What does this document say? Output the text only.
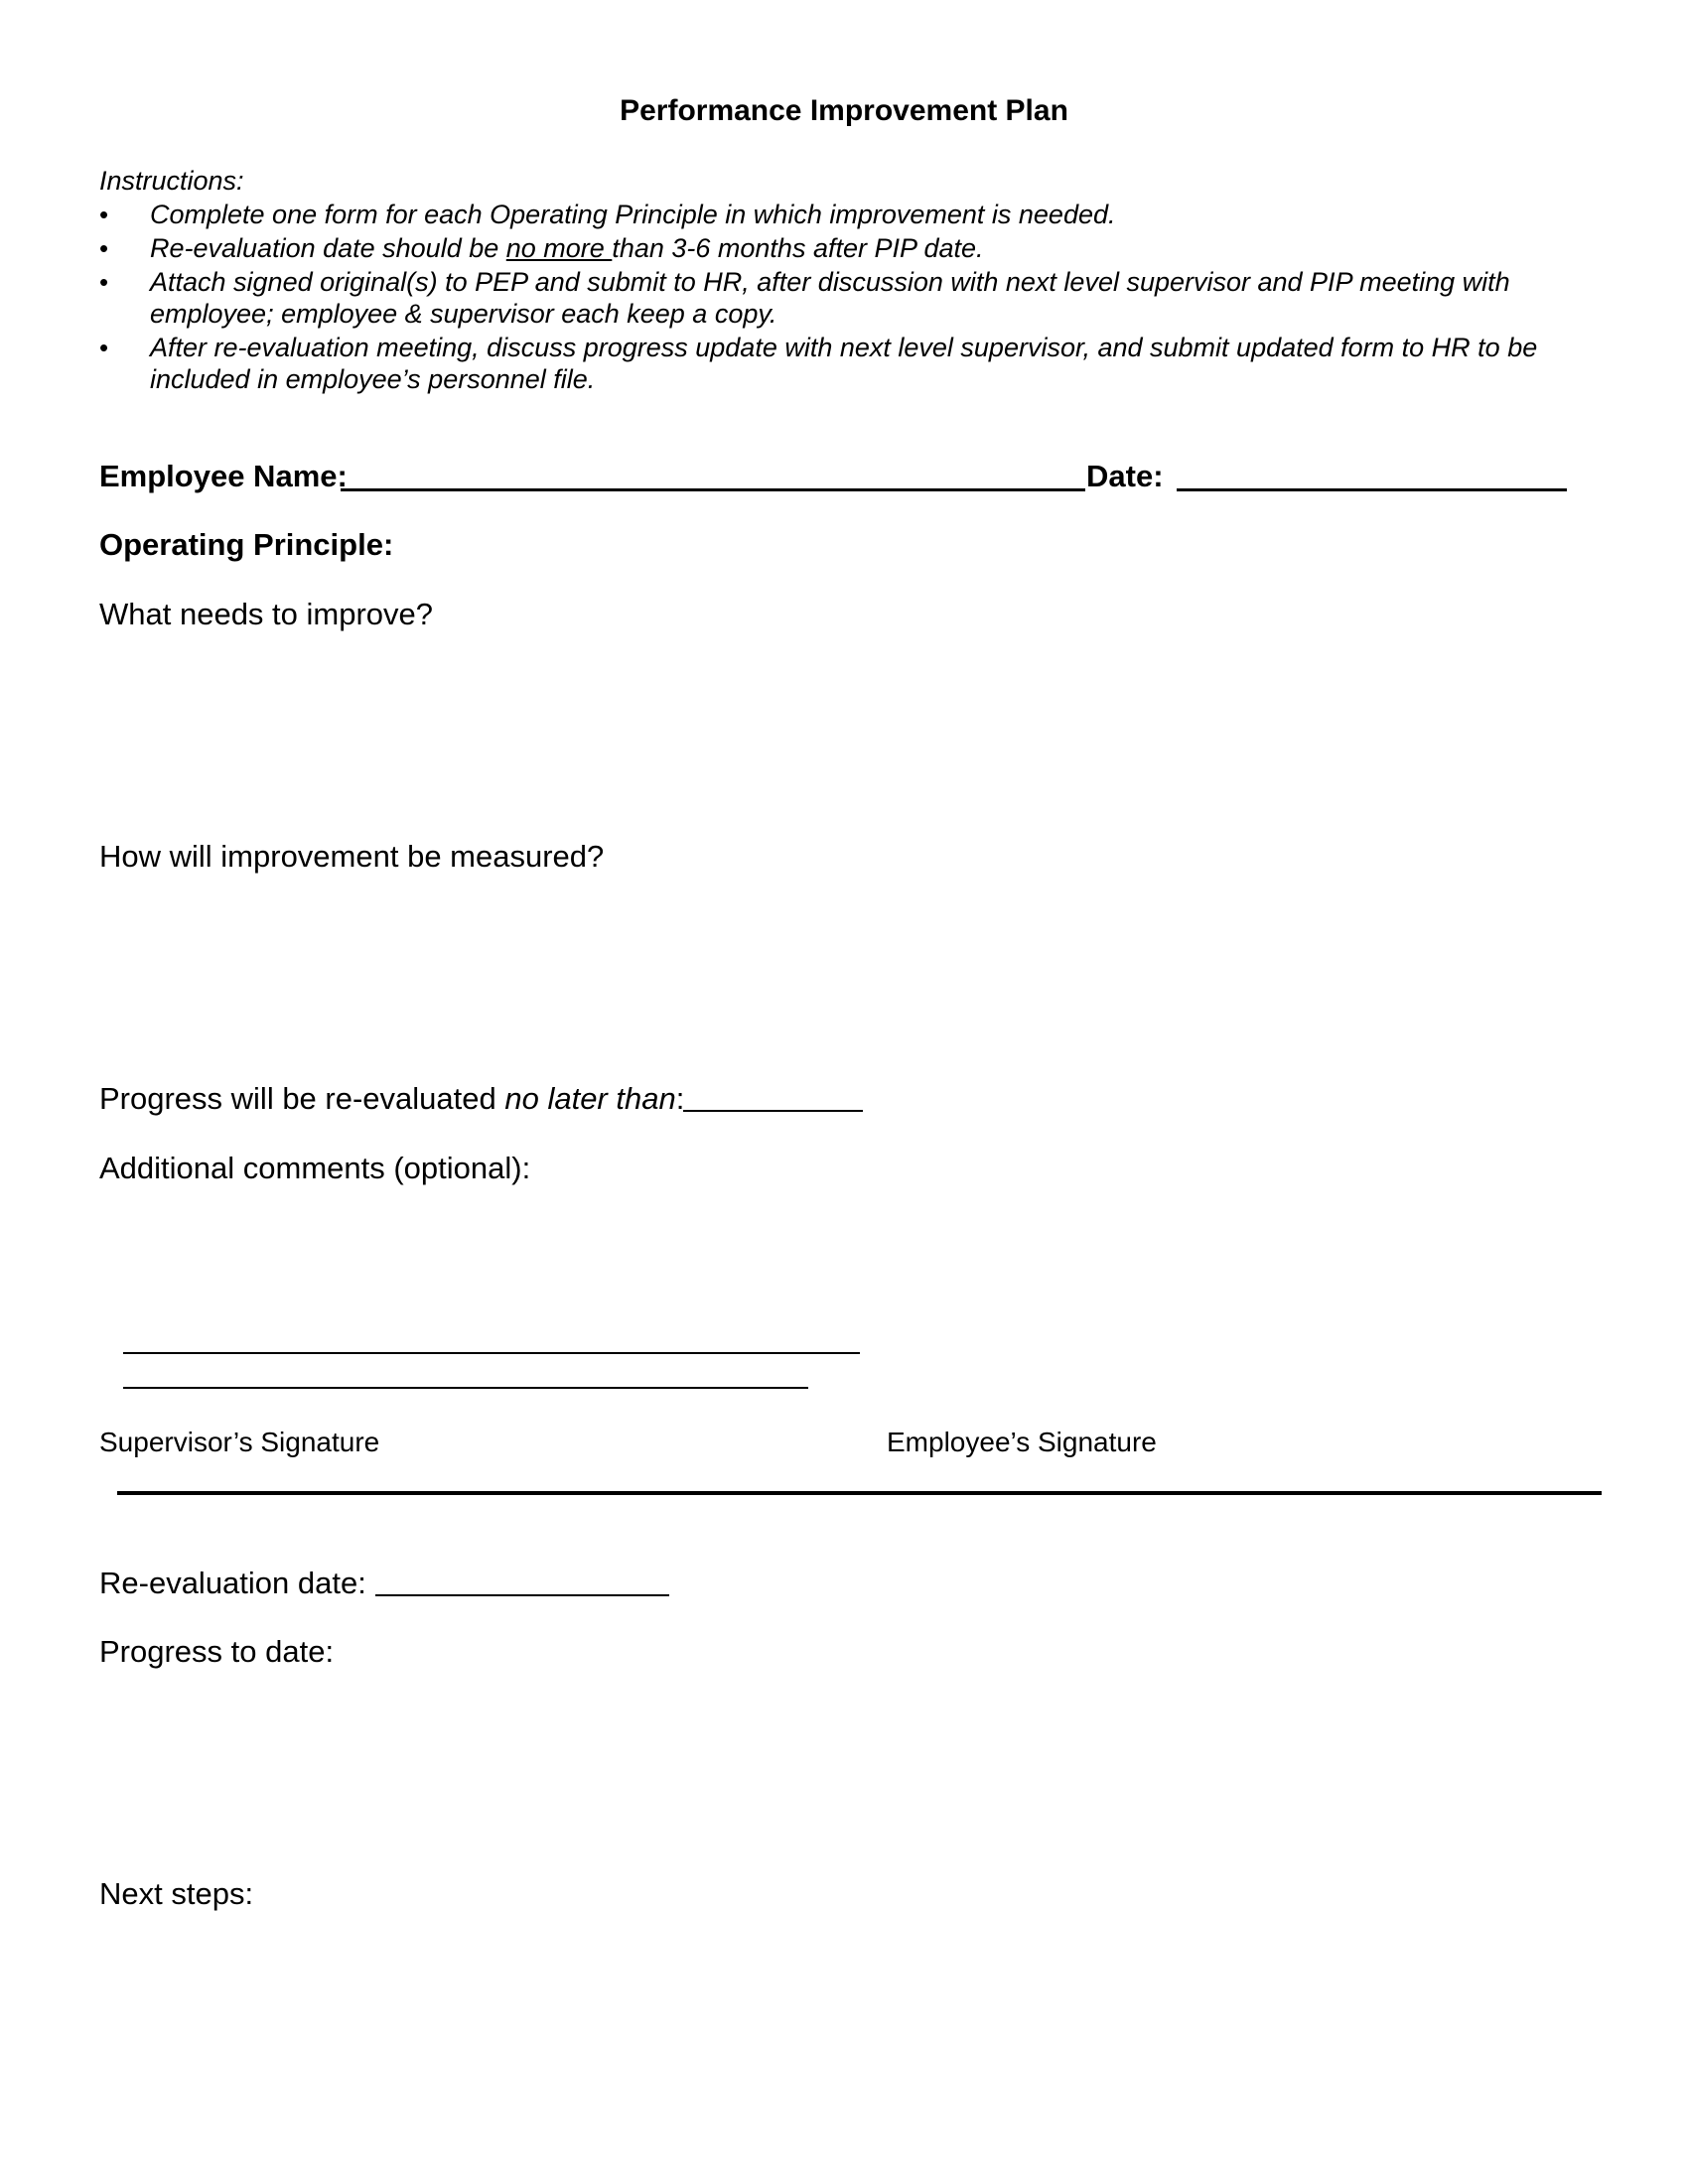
Performance Improvement Plan
Instructions:
• Complete one form for each Operating Principle in which improvement is needed.
• Re-evaluation date should be no more than 3-6 months after PIP date.
• Attach signed original(s) to PEP and submit to HR, after discussion with next level supervisor and PIP meeting with employee; employee & supervisor each keep a copy.
• After re-evaluation meeting, discuss progress update with next level supervisor, and submit updated form to HR to be included in employee’s personnel file.
Employee Name:	Date:
Operating Principle:
What needs to improve?
How will improvement be measured?
Progress will be re-evaluated no later than:
Additional comments (optional):
Supervisor’s Signature	Employee’s Signature
Re-evaluation date:
Progress to date:
Next steps:
